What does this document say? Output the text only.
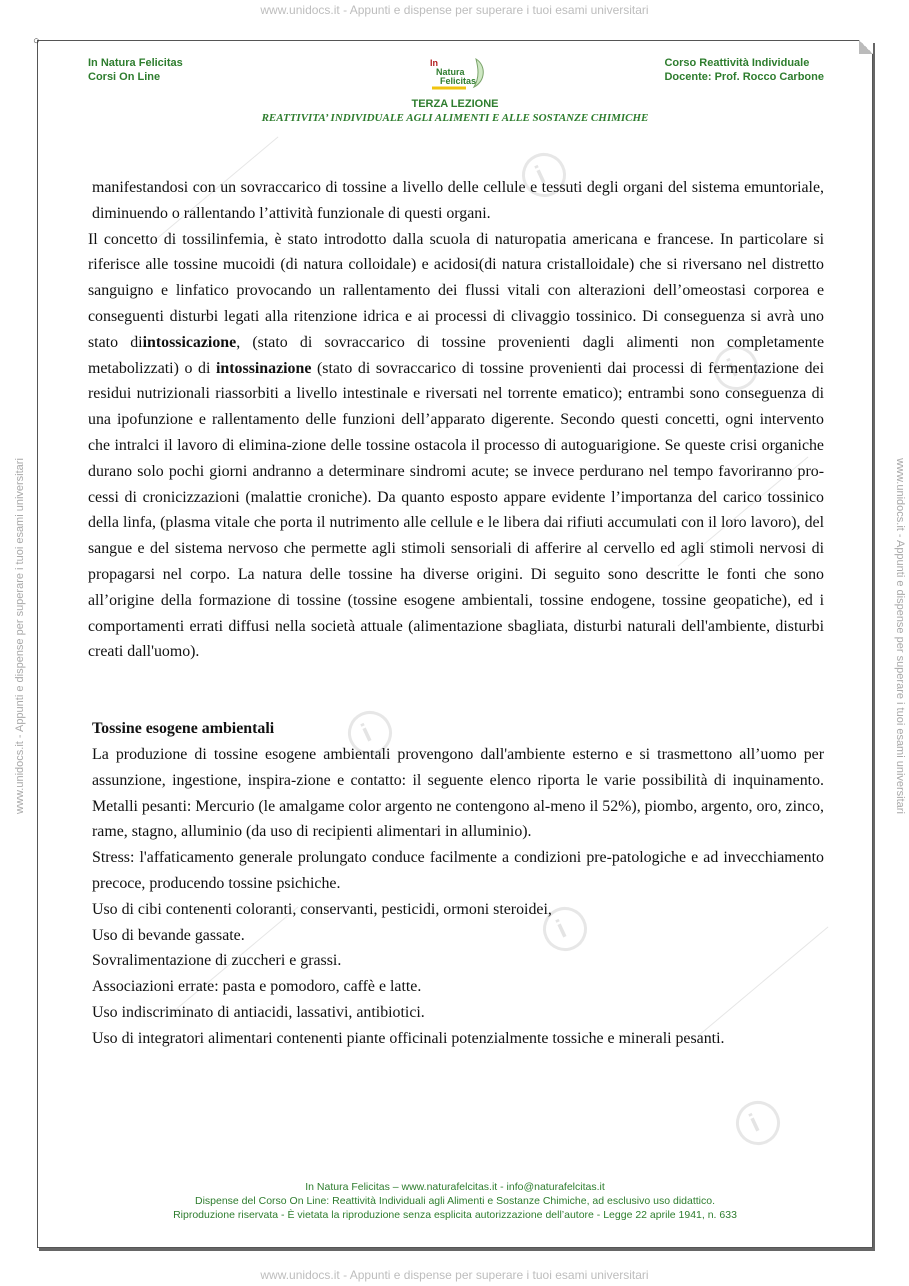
www.unidocs.it - Appunti e dispense per superare i tuoi esami universitari
www.unidocs.it - Appunti e dispense per superare i tuoi esami universitari
www.unidocs.it - Appunti e dispense per superare i tuoi esami universitari	www.unidocs.it - Appunti e dispense per superare i tuoi esami universitari
○
In Natura Felicitas
Corsi On Line
In
Natura
Felicitas
Corso Reattività Individuale
Docente: Prof. Rocco Carbone
TERZA LEZIONE
REATTIVITA’ INDIVIDUALE AGLI ALIMENTI E ALLE SOSTANZE CHIMICHE
i
i
i
i
i

manifestandosi con un sovraccarico di tossine a livello delle cellule e tessuti degli organi del sistema emuntoriale, diminuendo o rallentando l’attività funzionale di questi organi.

Il concetto di tossilinfemia, è stato introdotto dalla scuola di naturopatia americana e francese. In particolare si riferisce alle tossine mucoidi (di natura colloidale) e acidosi(di natura cristalloidale) che si riversano nel distretto sanguigno e linfatico provocando un rallentamento dei flussi vitali con alterazioni dell’omeostasi corporea e conseguenti disturbi legati alla ritenzione idrica e ai processi di clivaggio tossinico. Di conseguenza si avrà uno stato diintossicazione, (stato di sovraccarico di tossine provenienti dagli alimenti non completamente metabolizzati) o di intossinazione (stato di sovraccarico di tossine provenienti dai processi di fermentazione dei residui nutrizionali riassorbiti a livello intestinale e riversati nel torrente ematico); entrambi sono conseguenza di una ipofunzione e rallentamento delle funzioni dell’apparato digerente. Secondo questi concetti, ogni intervento che intralci il lavoro di elimina-zione delle tossine ostacola il processo di autoguarigione. Se queste crisi organiche durano solo pochi giorni andranno a determinare sindromi acute; se invece perdurano nel tempo favoriranno pro-cessi di cronicizzazioni (malattie croniche). Da quanto esposto appare evidente l’importanza del carico tossinico della linfa, (plasma vitale che porta il nutrimento alle cellule e le libera dai rifiuti accumulati con il loro lavoro), del sangue e del sistema nervoso che permette agli stimoli sensoriali di afferire al cervello ed agli stimoli nervosi di propagarsi nel corpo. La natura delle tossine ha diverse origini. Di seguito sono descritte le fonti che sono all’origine della formazione di tossine (tossine esogene ambientali, tossine endogene, tossine geopatiche), ed i comportamenti errati diffusi nella società attuale (alimentazione sbagliata, disturbi naturali dell'ambiente, disturbi creati dall'uomo).

Tossine esogene ambientali

La produzione di tossine esogene ambientali provengono dall'ambiente esterno e si trasmettono all’uomo per assunzione, ingestione, inspira-zione e contatto: il seguente elenco riporta le varie possibilità di inquinamento. Metalli pesanti: Mercurio (le amalgame color argento ne contengono al-meno il 52%), piombo, argento, oro, zinco, rame, stagno, alluminio (da uso di recipienti alimentari in alluminio).

Stress: l'affaticamento generale prolungato conduce facilmente a condizioni pre-patologiche e ad invecchiamento precoce, producendo tossine psichiche.

Uso di cibi contenenti coloranti, conservanti, pesticidi, ormoni steroidei,

Uso di bevande gassate.

Sovralimentazione di zuccheri e grassi.

Associazioni errate: pasta e pomodoro, caffè e latte.

Uso indiscriminato di antiacidi, lassativi, antibiotici.

Uso di integratori alimentari contenenti piante officinali potenzialmente tossiche e minerali pesanti.

In Natura Felicitas – www.naturafelcitas.it - info@naturafelcitas.it
Dispense del Corso On Line: Reattività Individuali agli Alimenti e Sostanze Chimiche, ad esclusivo uso didattico.
Riproduzione riservata - È vietata la riproduzione senza esplicita autorizzazione dell’autore - Legge 22 aprile 1941, n. 633
